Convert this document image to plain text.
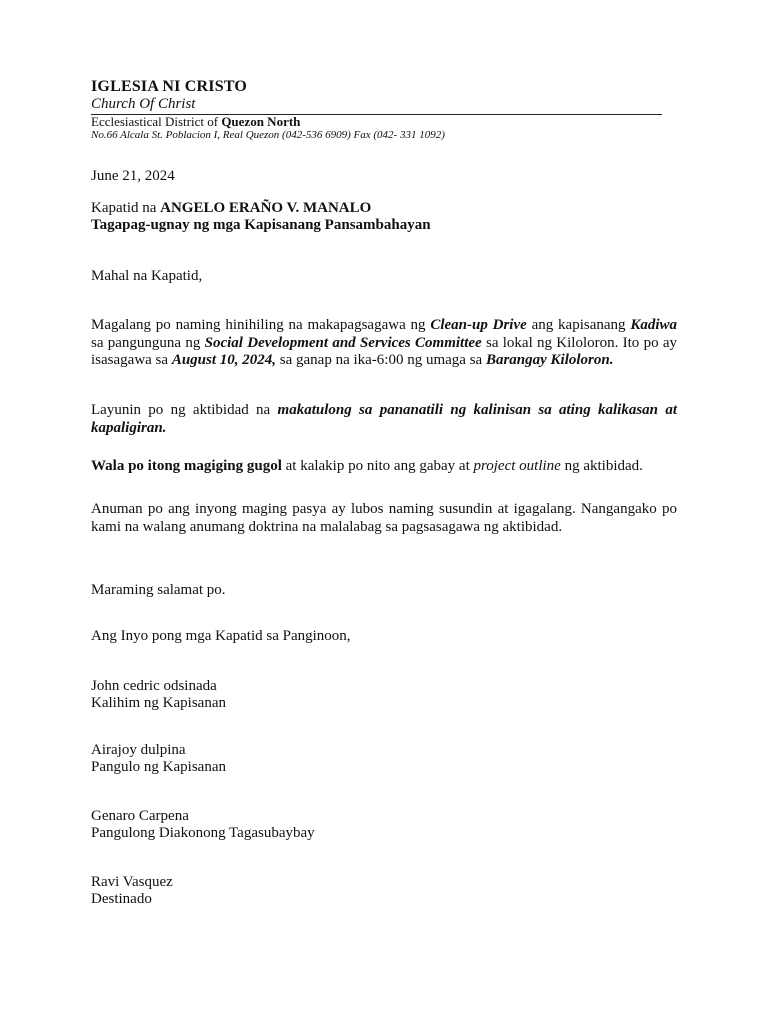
IGLESIA NI CRISTO
Church Of Christ
Ecclesiastical District of Quezon North
No.66 Alcala St. Poblacion I, Real Quezon (042-536 6909) Fax (042- 331 1092)
June 21, 2024
Kapatid na ANGELO ERAÑO V. MANALO
Tagapag-ugnay ng mga Kapisanang Pansambahayan
Mahal na Kapatid,
Magalang po naming hinihiling na makapagsagawa ng Clean-up Drive ang kapisanang Kadiwa sa pangunguna ng Social Development and Services Committee sa lokal ng Kiloloron. Ito po ay isasagawa sa August 10, 2024, sa ganap na ika-6:00 ng umaga sa Barangay Kiloloron.
Layunin po ng aktibidad na makatulong sa pananatili ng kalinisan sa ating kalikasan at kapaligiran.
Wala po itong magiging gugol at kalakip po nito ang gabay at project outline ng aktibidad.
Anuman po ang inyong maging pasya ay lubos naming susundin at igagalang. Nangangako po kami na walang anumang doktrina na malalabag sa pagsasagawa ng aktibidad.
Maraming salamat po.
Ang Inyo pong mga Kapatid sa Panginoon,
John cedric odsinada
Kalihim ng Kapisanan
Airajoy dulpina
Pangulo ng Kapisanan
Genaro Carpena
Pangulong Diakonong Tagasubaybay
Ravi Vasquez
Destinado
